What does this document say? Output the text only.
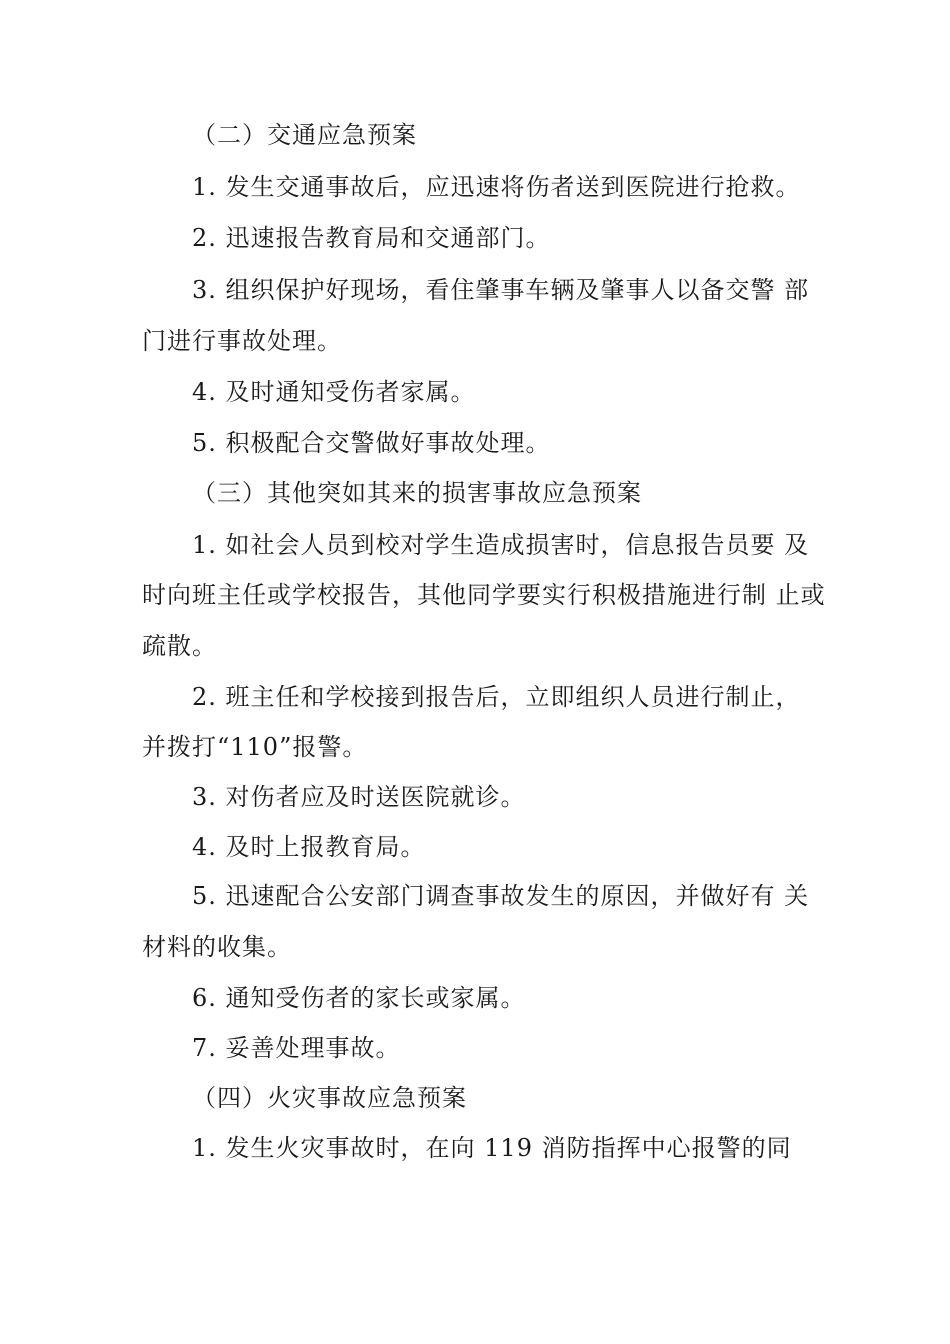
（二）交通应急预案
1. 发生交通事故后，应迅速将伤者送到医院进行抢救。
2. 迅速报告教育局和交通部门。
3. 组织保护好现场，看住肇事车辆及肇事人以备交警 部
门进行事故处理。
4. 及时通知受伤者家属。
5. 积极配合交警做好事故处理。
（三）其他突如其来的损害事故应急预案
1. 如社会人员到校对学生造成损害时，信息报告员要 及
时向班主任或学校报告，其他同学要实行积极措施进行制 止或
疏散。
2. 班主任和学校接到报告后，立即组织人员进行制止，
并拨打“110”报警。
3. 对伤者应及时送医院就诊。
4. 及时上报教育局。
5. 迅速配合公安部门调查事故发生的原因，并做好有 关
材料的收集。
6. 通知受伤者的家长或家属。
7. 妥善处理事故。
（四）火灾事故应急预案
1. 发生火灾事故时，在向 119 消防指挥中心报警的同
